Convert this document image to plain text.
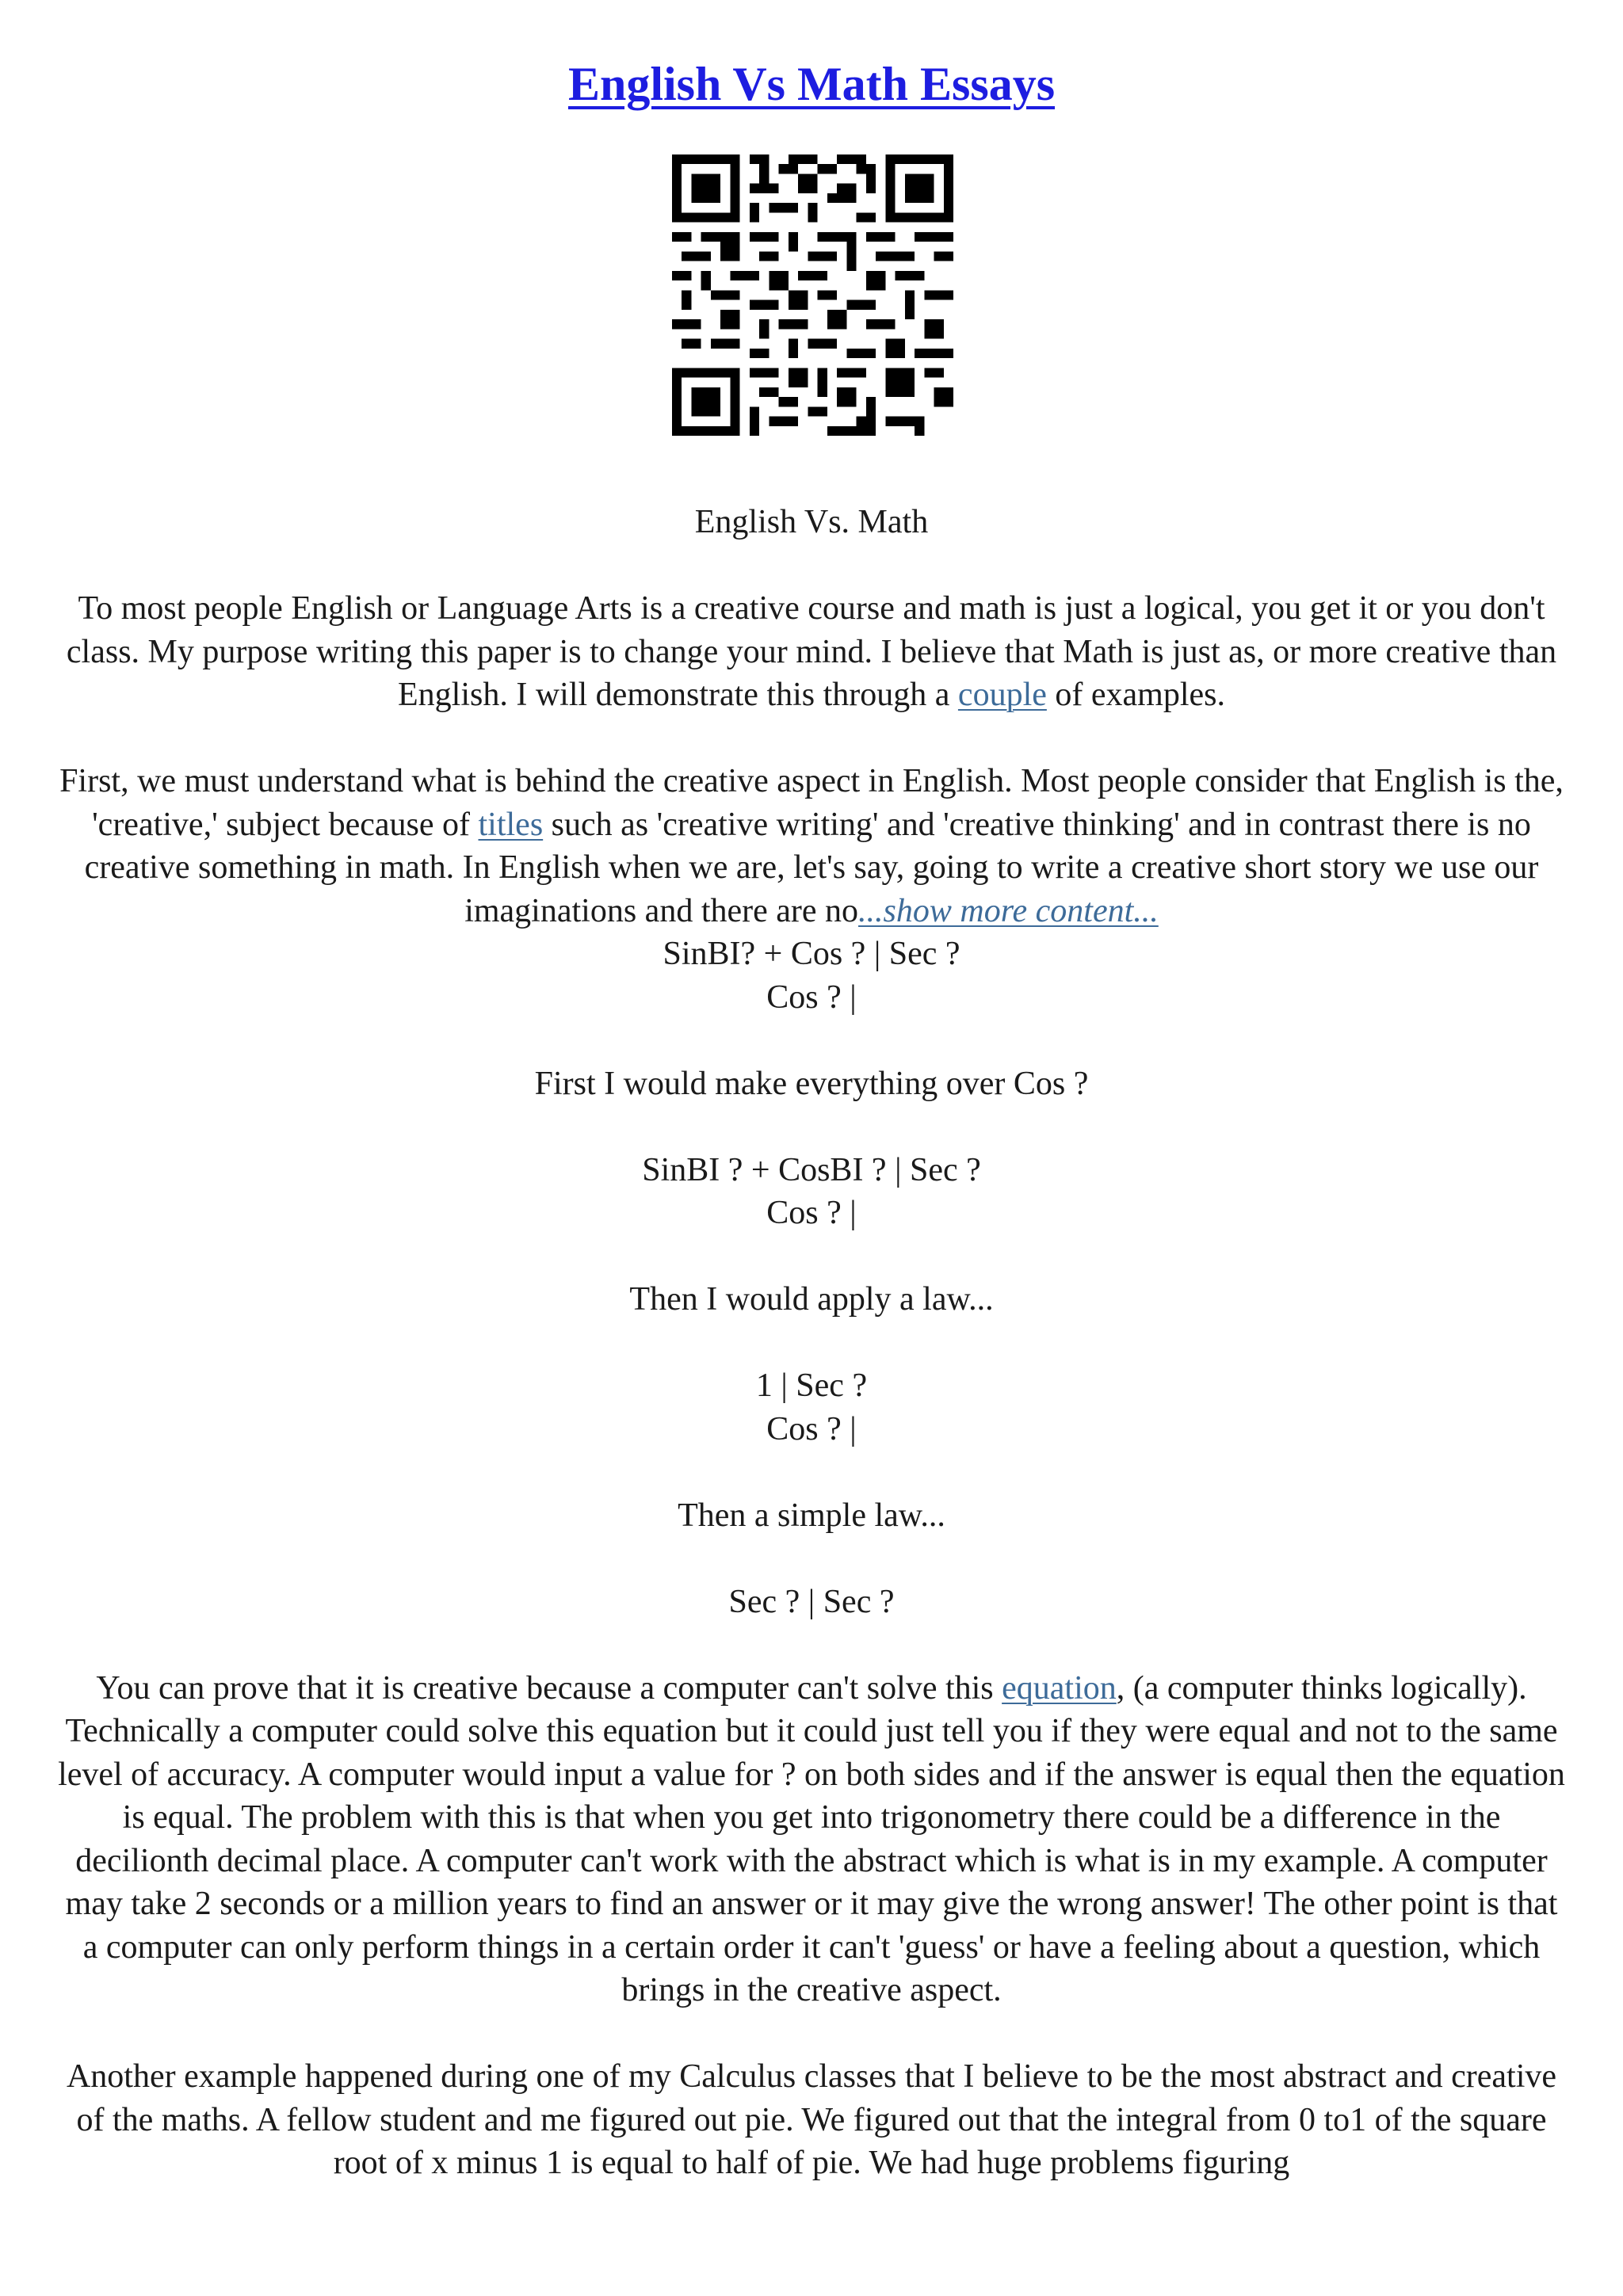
English Vs Math Essays

English Vs. Math

To most people English or Language Arts is a creative course and math is just a logical, you get it or you don't class. My purpose writing this paper is to change your mind. I believe that Math is just as, or more creative than English. I will demonstrate this through a couple of examples.

First, we must understand what is behind the creative aspect in English. Most people consider that English is the, 'creative,' subject because of titles such as 'creative writing' and 'creative thinking' and in contrast there is no creative something in math. In English when we are, let's say, going to write a creative short story we use our imaginations and there are no...show more content...

SinBI? + Cos ? | Sec ?

Cos ? |

First I would make everything over Cos ?

SinBI ? + CosBI ? | Sec ?

Cos ? |

Then I would apply a law...

1 | Sec ?

Cos ? |

Then a simple law...

Sec ? | Sec ?

You can prove that it is creative because a computer can't solve this equation, (a computer thinks logically). Technically a computer could solve this equation but it could just tell you if they were equal and not to the same level of accuracy. A computer would input a value for ? on both sides and if the answer is equal then the equation is equal. The problem with this is that when you get into trigonometry there could be a difference in the decilionth decimal place. A computer can't work with the abstract which is what is in my example. A computer may take 2 seconds or a million years to find an answer or it may give the wrong answer! The other point is that a computer can only perform things in a certain order it can't 'guess' or have a feeling about a question, which brings in the creative aspect.

Another example happened during one of my Calculus classes that I believe to be the most abstract and creative of the maths. A fellow student and me figured out pie. We figured out that the integral from 0 to1 of the square root of x minus 1 is equal to half of pie. We had huge problems figuring
